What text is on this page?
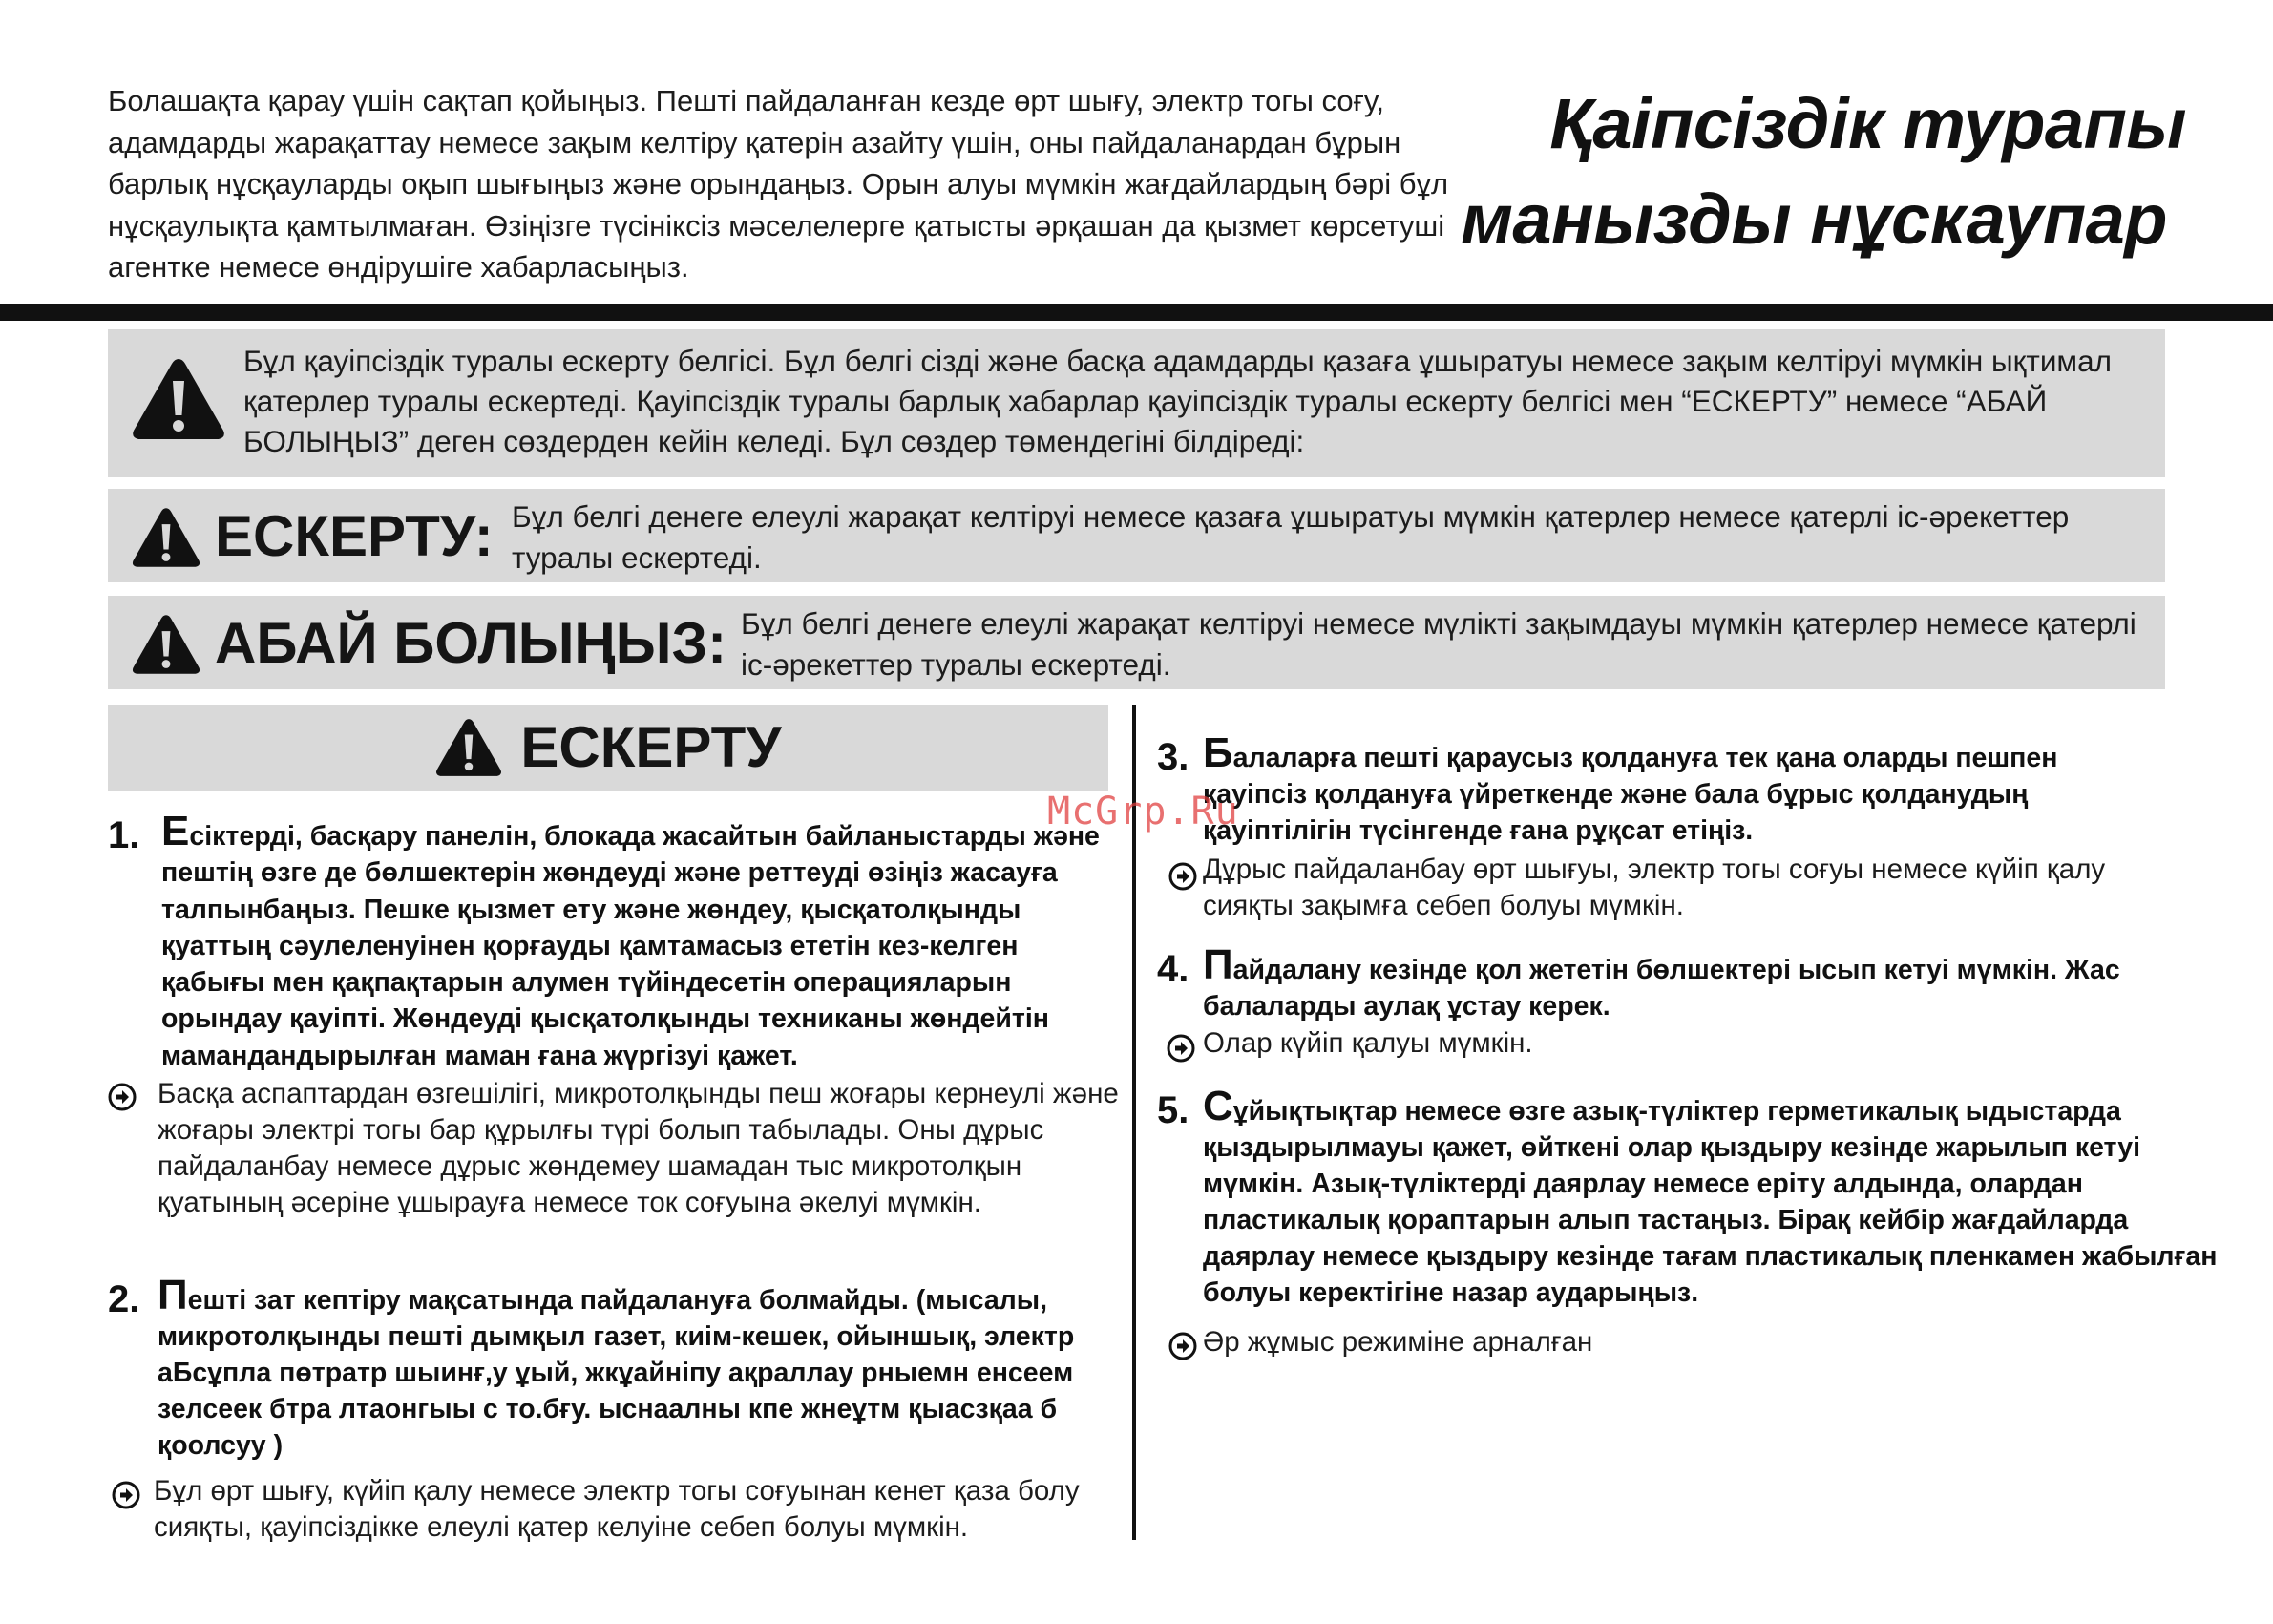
Болашақта қарау үшін сақтап қойыңыз. Пешті пайдаланған кезде өрт шығу, электр тогы соғу, адамдарды жарақаттау немесе зақым келтіру қатерін азайту үшін, оны пайдаланардан бұрын барлық нұсқауларды оқып шығыңыз және орындаңыз. Орын алуы мүмкін жағдайлардың бәрі бұл нұсқаулықта қамтылмаған. Өзіңізге түсініксіз мәселелерге қатысты әрқашан да қызмет көрсетуші агентке немесе өндірушіге хабарласыңыз.
Қаіпсіздік турапы
манызды нұскаупар
Бұл қауіпсіздік туралы ескерту белгісі. Бұл белгі сізді және басқа адамдарды қазаға ұшыратуы немесе зақым келтіруі мүмкін ықтимал қатерлер туралы ескертеді. Қауіпсіздік туралы барлық хабарлар қауіпсіздік туралы ескерту белгісі мен “ЕСКЕРТУ” немесе “АБАЙ БОЛЫҢЫЗ” деген сөздерден кейін келеді. Бұл сөздер төмендегіні білдіреді:
ЕСКЕРТУ: Бұл белгі денеге елеулі жарақат келтіруі немесе қазаға ұшыратуы мүмкін қатерлер немесе қатерлі іс-әрекеттер туралы ескертеді.
АБАЙ БОЛЫҢЫЗ: Бұл белгі денеге елеулі жарақат келтіруі немесе мүлікті зақымдауы мүмкін қатерлер немесе қатерлі іс-әрекеттер туралы ескертеді.
ЕСКЕРТУ
1. Есіктерді, басқару панелін, блокада жасайтын байланыстарды және пештің өзге де бөлшектерін жөндеуді және реттеуді өзіңіз жасауға талпынбаңыз. Пешке қызмет ету және жөндеу, қысқатолқынды қуаттың сәулеленуінен қорғауды қамтамасыз ететін кез-келген қабығы мен қақпақтарын алумен түйіндесетін операцияларын орындау қауіпті. Жөндеуді қысқатолқынды техниканы жөндейтін мамандандырылған маман ғана жүргізуі қажет.
Басқа аспаптардан өзгешілігі, микротолқынды пеш жоғары кернеулі және жоғары электрі тогы бар құрылғы түрі болып табылады. Оны дұрыс пайдаланбау немесе дұрыс жөндемеу шамадан тыс микротолқын қуатының әсеріне ұшырауға немесе ток соғуына әкелуі мүмкін.
2. Пешті зат кептіру мақсатында пайдалануға болмайды. (мысалы, микротолқынды пешті дымқыл газет, киім-кешек, ойыншық, электр аБсұпла пөтратр шыинғ,у ұый, жкұайніпу ақраллау рныемн енсеем зелсеек бтра лтаонгыы с то.бғу. ыснаалны кпе жнеұтм қыасзқаа б қоолсуу )
Бұл өрт шығу, күйіп қалу немесе электр тогы соғуынан кенет қаза болу сияқты, қауіпсіздікке елеулі қатер келуіне себеп болуы мүмкін.
3. Балаларға пешті қараусыз қолдануға тек қана оларды пешпен қауіпсіз қолдануға үйреткенде және бала бұрыс қолданудың қауіптілігін түсінгенде ғана рұқсат етіңіз.
Дұрыс пайдаланбау өрт шығуы, электр тогы соғуы немесе күйіп қалу сияқты зақымға себеп болуы мүмкін.
4. Пайдалану кезінде қол жететін бөлшектері ысып кетуі мүмкін. Жас балаларды аулақ ұстау керек.
Олар күйіп қалуы мүмкін.
5. Сұйықтықтар немесе өзге азық-түліктер герметикалық ыдыстарда қыздырылмауы қажет, өйткені олар қыздыру кезінде жарылып кетуі мүмкін. Азық-түліктерді даярлау немесе еріту алдында, олардан пластикалық қораптарын алып тастаңыз. Бірақ кейбір жағдайларда даярлау немесе қыздыру кезінде тағам пластикалық пленкамен жабылған болуы керектігіне назар аударыңыз.
Әр жұмыс режиміне арналған
McGrp.Ru
